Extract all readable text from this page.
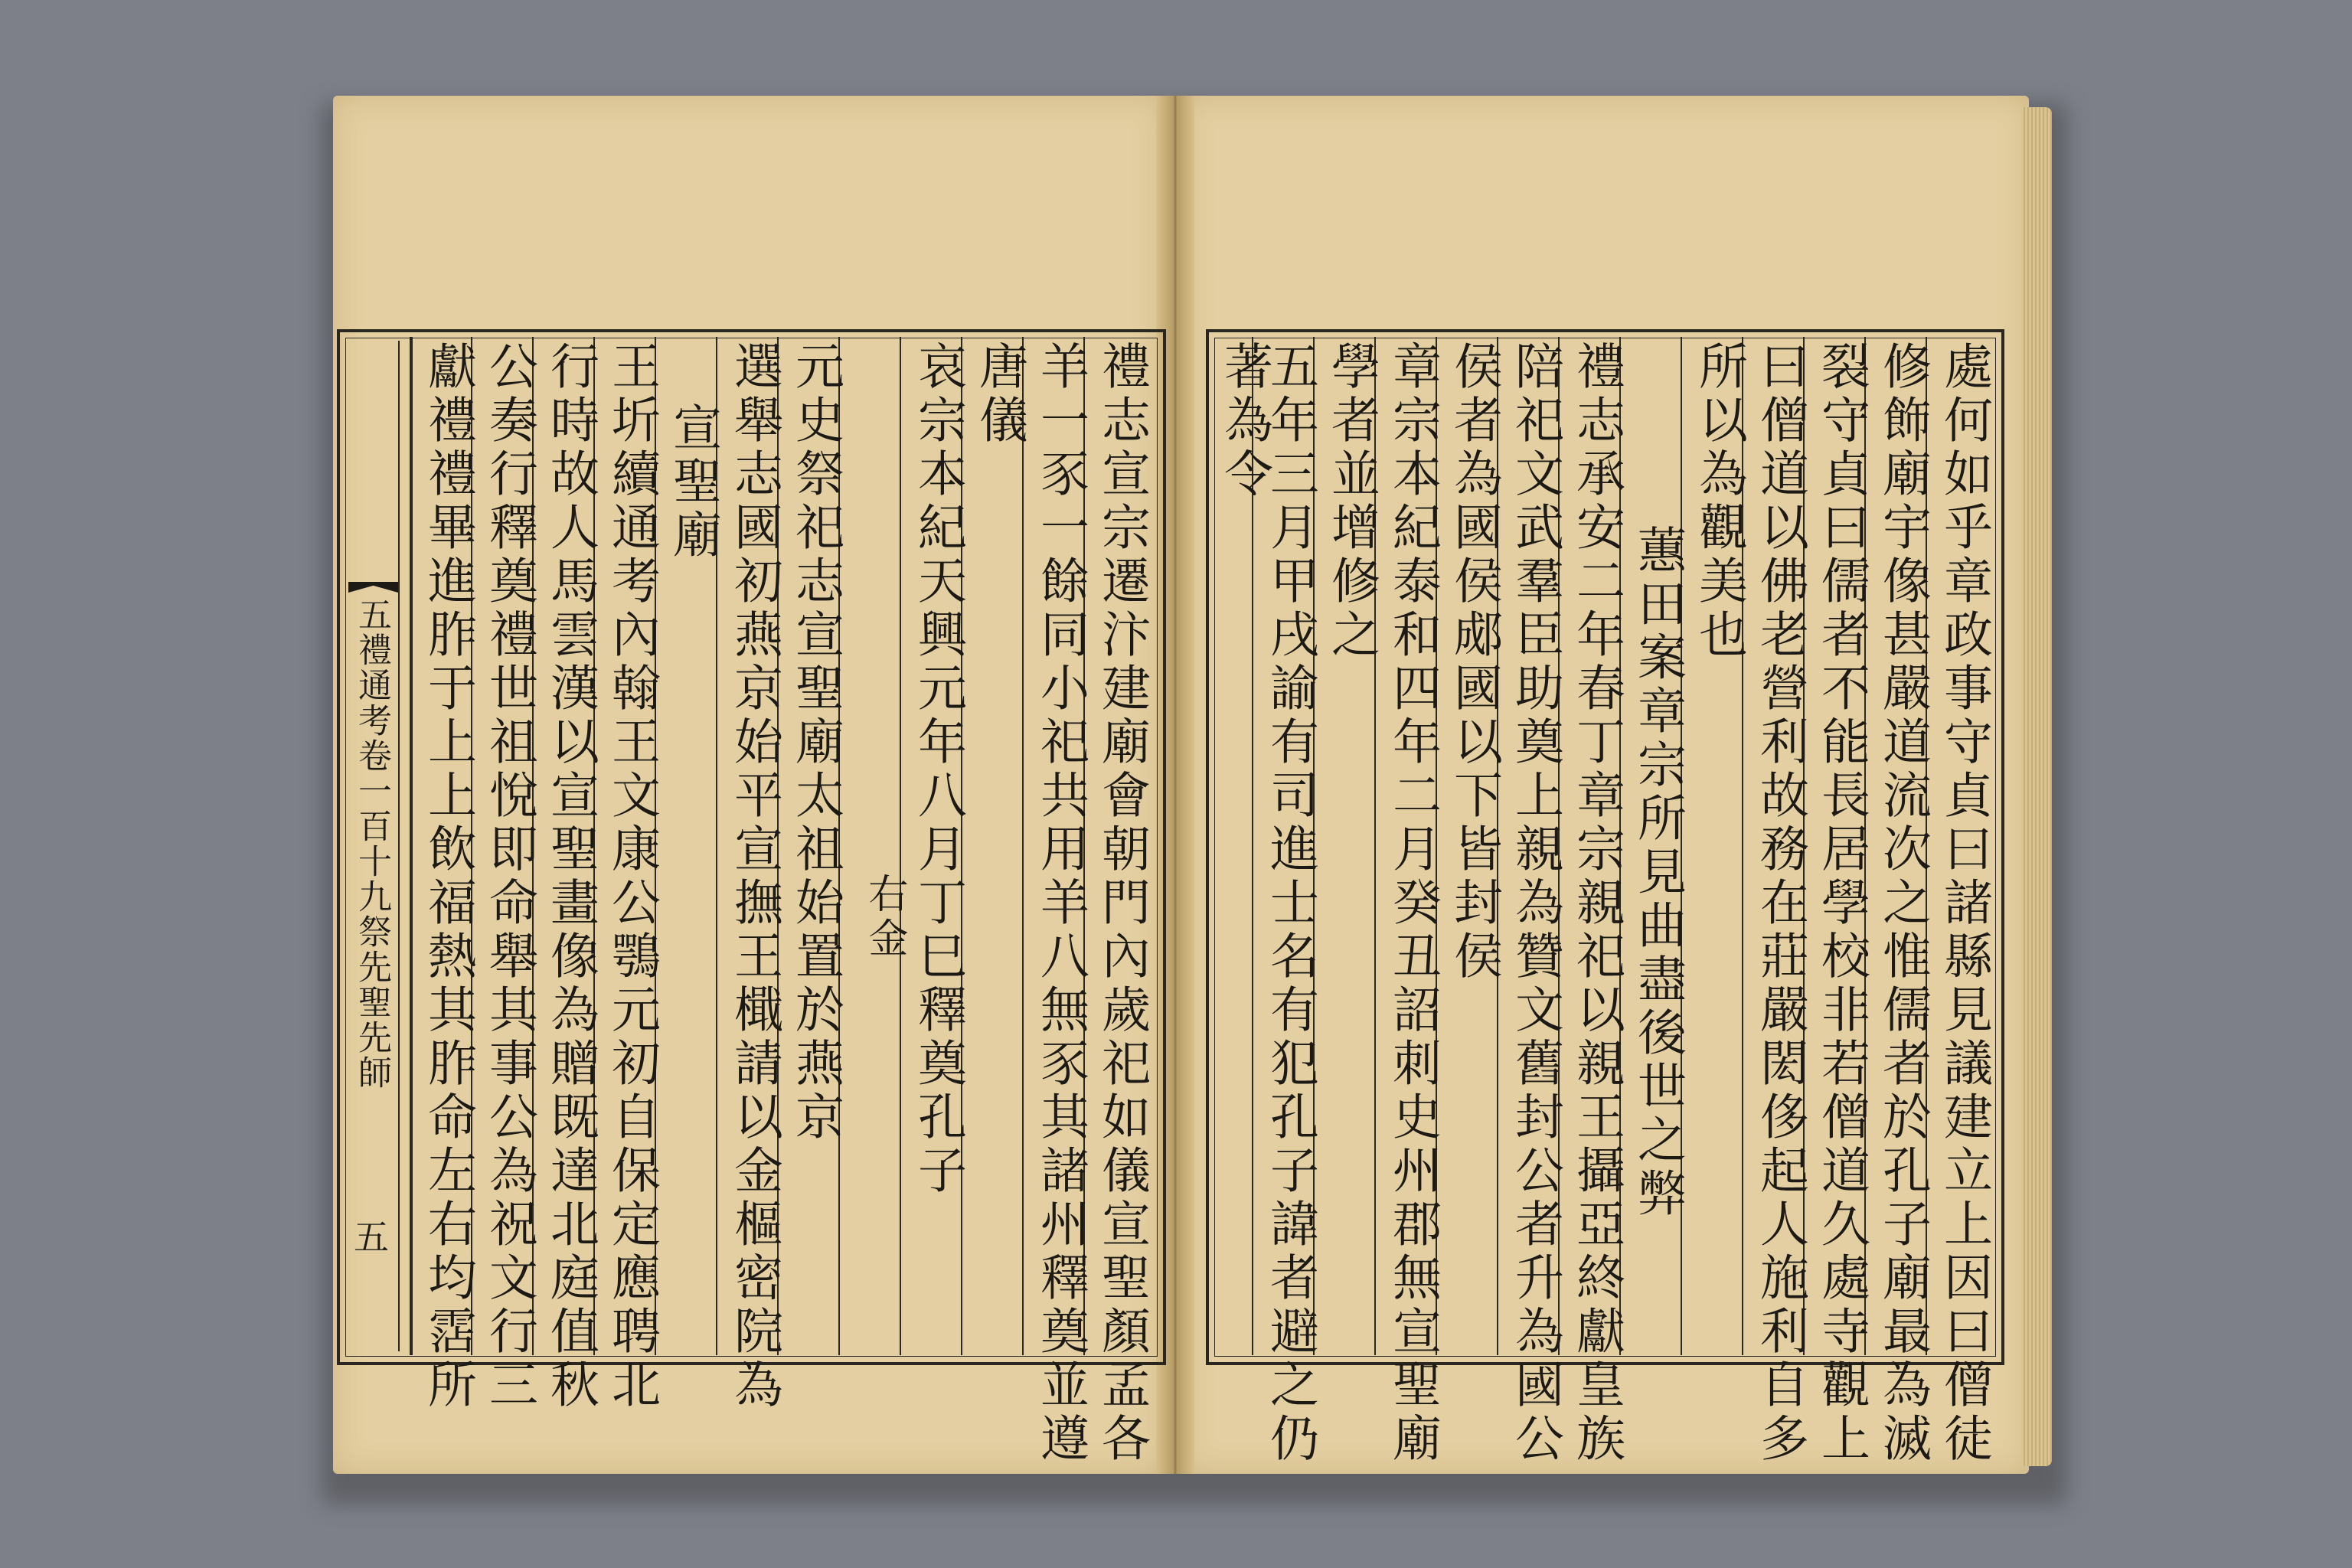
五禮通考卷一百十九祭先聖先師
五	禮志宣宗遷汴建廟會朝門內歲祀如儀宣聖顏孟各
羊一豕一餘同小祀共用羊八無豕其諸州釋奠並遵
唐儀
哀宗本紀天興元年八月丁巳釋奠孔子
右金
元史祭祀志宣聖廟太祖始置於燕京
選舉志國初燕京始平宣撫王檝請以金樞密院為
宣聖廟
王圻續通考內翰王文康公鶚元初自保定應聘北
行時故人馬雲漢以宣聖畫像為贈既達北庭值秋
公奏行釋奠禮世祖悅即命舉其事公為祝文行三
獻禮禮畢進胙于上上飲福熱其胙命左右均霑所	處何如乎章政事守貞曰諸縣見議建立上因曰僧徒
修飾廟宇像甚嚴道流次之惟儒者於孔子廟最為滅
裂守貞曰儒者不能長居學校非若僧道久處寺觀上
曰僧道以佛老營利故務在莊嚴閎侈起人施利自多
所以為觀美也
蕙田案章宗所見曲盡後世之弊
禮志承安二年春丁章宗親祀以親王攝亞終獻皇族
陪祀文武羣臣助奠上親為贊文舊封公者升為國公
侯者為國侯郕國以下皆封侯
章宗本紀泰和四年二月癸丑詔刺史州郡無宣聖廟
學者並增修之
五年三月甲戌諭有司進士名有犯孔子諱者避之仍
著為令
